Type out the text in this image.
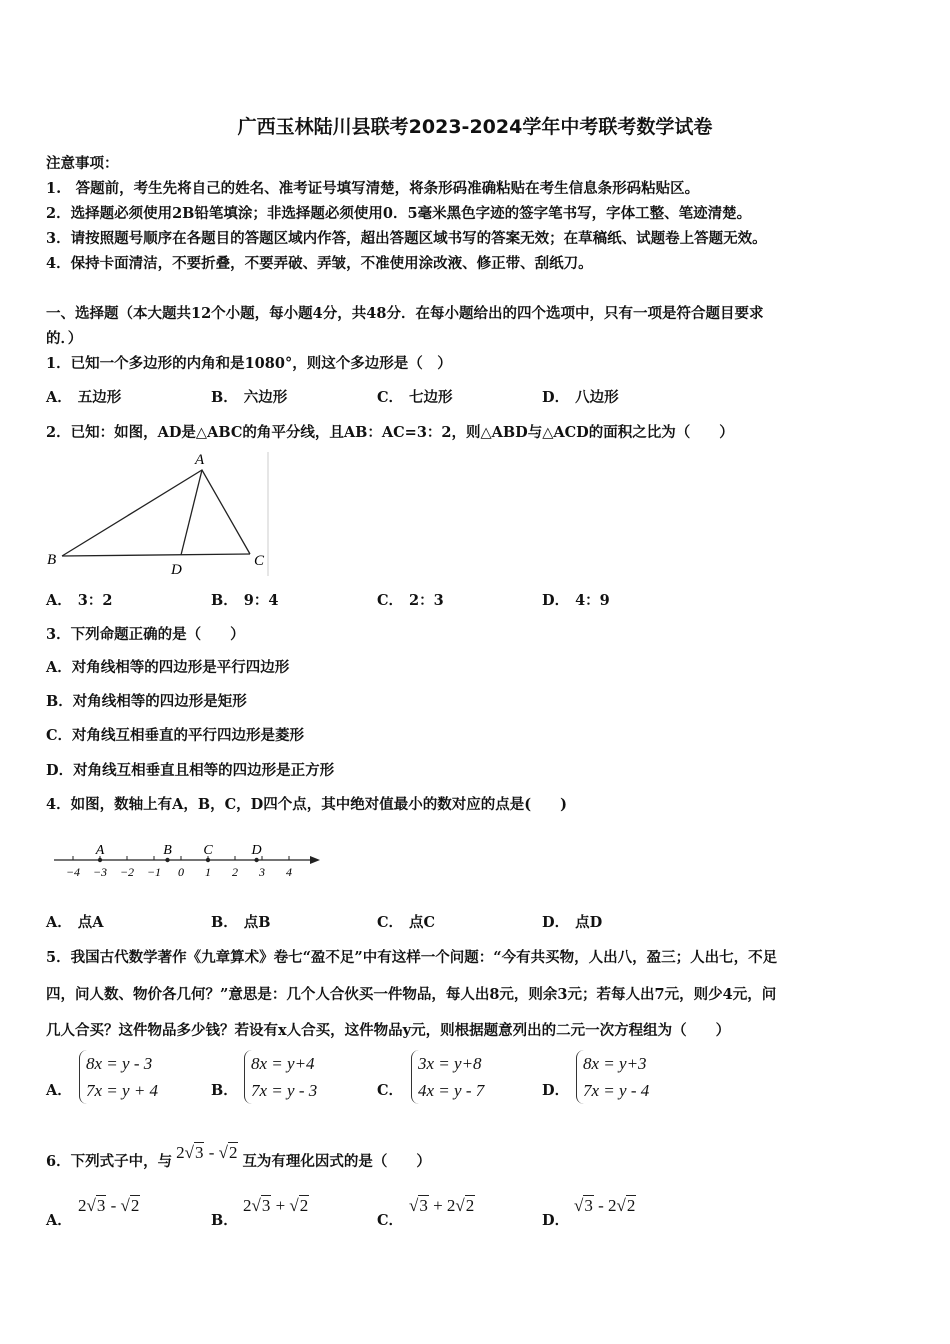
广西玉林陆川县联考2023-2024学年中考联考数学试卷
注意事项：
1.　答题前，考生先将自己的姓名、准考证号填写清楚，将条形码准确粘贴在考生信息条形码粘贴区。
2．选择题必须使用2B铅笔填涂；非选择题必须使用0．5毫米黑色字迹的签字笔书写，字体工整、笔迹清楚。
3．请按照题号顺序在各题目的答题区域内作答，超出答题区域书写的答案无效；在草稿纸、试题卷上答题无效。
4．保持卡面清洁，不要折叠，不要弄破、弄皱，不准使用涂改液、修正带、刮纸刀。
一、选择题（本大题共12个小题，每小题4分，共48分．在每小题给出的四个选项中，只有一项是符合题目要求
的．）
1．已知一个多边形的内角和是1080°，则这个多边形是（　）
A． 五边形	B． 六边形	C． 七边形	D． 八边形
2．已知：如图，AD是△ABC的角平分线，且AB：AC=3：2，则△ABD与△ACD的面积之比为（　　）
A
B	C
D
A． 3：2	B． 9：4	C． 2：3	D． 4：9
3．下列命题正确的是（　　）
A．对角线相等的四边形是平行四边形
B．对角线相等的四边形是矩形
C．对角线互相垂直的平行四边形是菱形
D．对角线互相垂直且相等的四边形是正方形
4．如图，数轴上有A，B，C，D四个点，其中绝对值最小的数对应的点是(　　)
−4 −3 −2 −1 0 1 2 3 4
A	B C	D
A． 点A	B． 点B	C． 点C	D． 点D
5．我国古代数学著作《九章算术》卷七“盈不足”中有这样一个问题：“今有共买物，人出八，盈三；人出七，不足
四，问人数、物价各几何？”意思是：几个人合伙买一件物品，每人出8元，则余3元；若每人出7元，则少4元，问
几人合买？这件物品多少钱？若设有x人合买，这件物品y元，则根据题意列出的二元一次方程组为（　　）
A．
8x = y - 3
7x = y + 4	B．
8x = y+4
7x = y - 3	C．
3x = y+8
4x = y - 7	D．
8x = y+3
7x = y - 4
6．下列式子中，与 2√3 - √2 互为有理化因式的是（　　）
A．
2√3 - √2
B．
2√3 + √2
C．
√3 + 2√2
D．
√3 - 2√2
